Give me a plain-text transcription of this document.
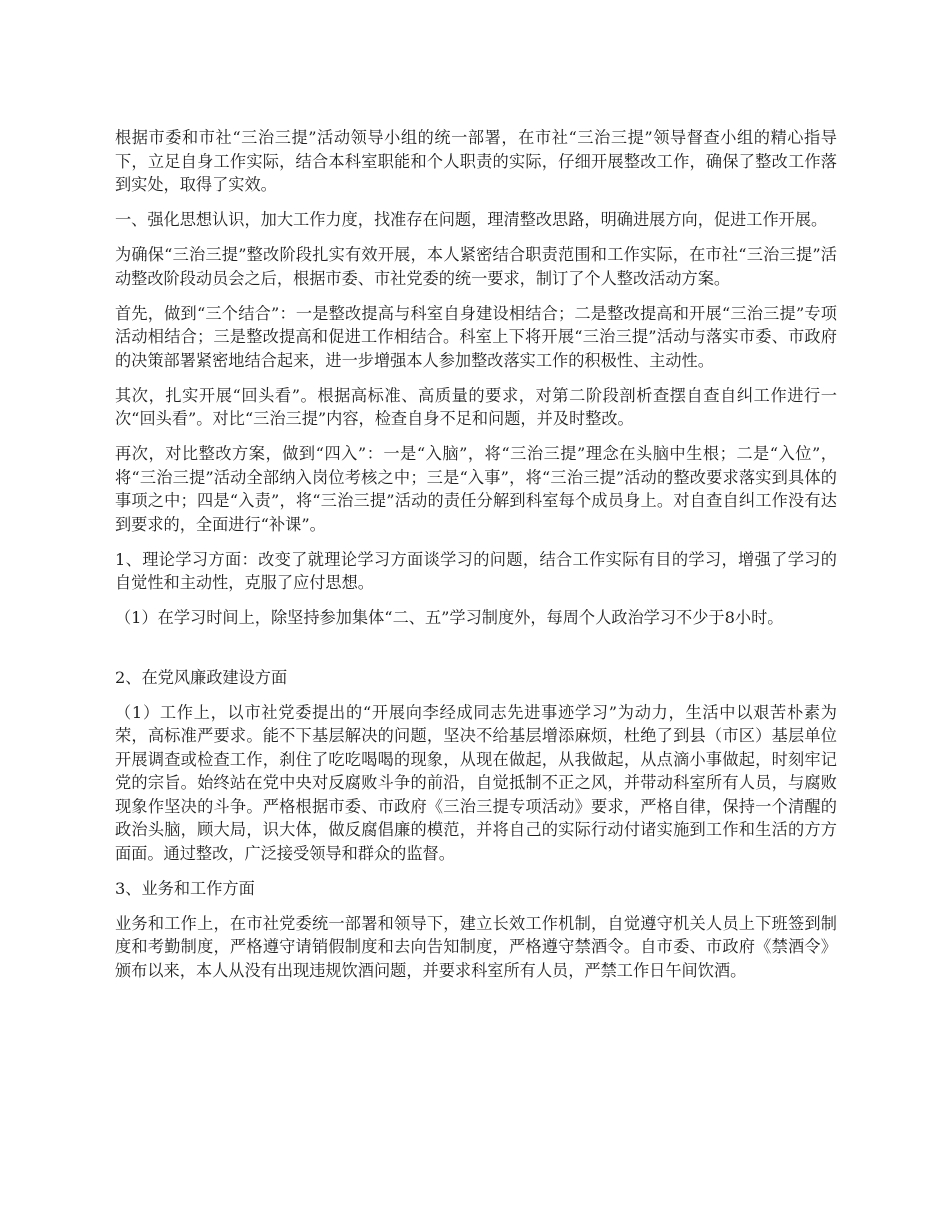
根据市委和市社“三治三提”活动领导小组的统一部署，在市社“三治三提”领导督查小组的精心指导下，立足自身工作实际，结合本科室职能和个人职责的实际，仔细开展整改工作，确保了整改工作落到实处，取得了实效。

一、强化思想认识，加大工作力度，找准存在问题，理清整改思路，明确进展方向，促进工作开展。

为确保“三治三提”整改阶段扎实有效开展，本人紧密结合职责范围和工作实际，在市社“三治三提”活动整改阶段动员会之后，根据市委、市社党委的统一要求，制订了个人整改活动方案。

首先，做到“三个结合”：一是整改提高与科室自身建设相结合；二是整改提高和开展“三治三提”专项活动相结合；三是整改提高和促进工作相结合。科室上下将开展“三治三提”活动与落实市委、市政府的决策部署紧密地结合起来，进一步增强本人参加整改落实工作的积极性、主动性。

其次，扎实开展“回头看”。根据高标准、高质量的要求，对第二阶段剖析查摆自查自纠工作进行一次“回头看”。对比“三治三提”内容，检查自身不足和问题，并及时整改。

再次，对比整改方案，做到“四入”：一是“入脑”，将“三治三提”理念在头脑中生根；二是“入位”，将“三治三提”活动全部纳入岗位考核之中；三是“入事”，将“三治三提”活动的整改要求落实到具体的事项之中；四是“入责”，将“三治三提”活动的责任分解到科室每个成员身上。对自查自纠工作没有达到要求的，全面进行“补课”。

1、理论学习方面：改变了就理论学习方面谈学习的问题，结合工作实际有目的学习，增强了学习的自觉性和主动性，克服了应付思想。

（1）在学习时间上，除坚持参加集体“二、五”学习制度外，每周个人政治学习不少于8小时。

2、在党风廉政建设方面

（1）工作上，以市社党委提出的“开展向李经成同志先进事迹学习”为动力，生活中以艰苦朴素为荣，高标准严要求。能不下基层解决的问题，坚决不给基层增添麻烦，杜绝了到县（市区）基层单位开展调查或检查工作，刹住了吃吃喝喝的现象，从现在做起，从我做起，从点滴小事做起，时刻牢记党的宗旨。始终站在党中央对反腐败斗争的前沿，自觉抵制不正之风，并带动科室所有人员，与腐败现象作坚决的斗争。严格根据市委、市政府《三治三提专项活动》要求，严格自律，保持一个清醒的政治头脑，顾大局，识大体，做反腐倡廉的模范，并将自己的实际行动付诸实施到工作和生活的方方面面。通过整改，广泛接受领导和群众的监督。

3、业务和工作方面

业务和工作上，在市社党委统一部署和领导下，建立长效工作机制，自觉遵守机关人员上下班签到制度和考勤制度，严格遵守请销假制度和去向告知制度，严格遵守禁酒令。自市委、市政府《禁酒令》颁布以来，本人从没有出现违规饮酒问题，并要求科室所有人员，严禁工作日午间饮酒。
